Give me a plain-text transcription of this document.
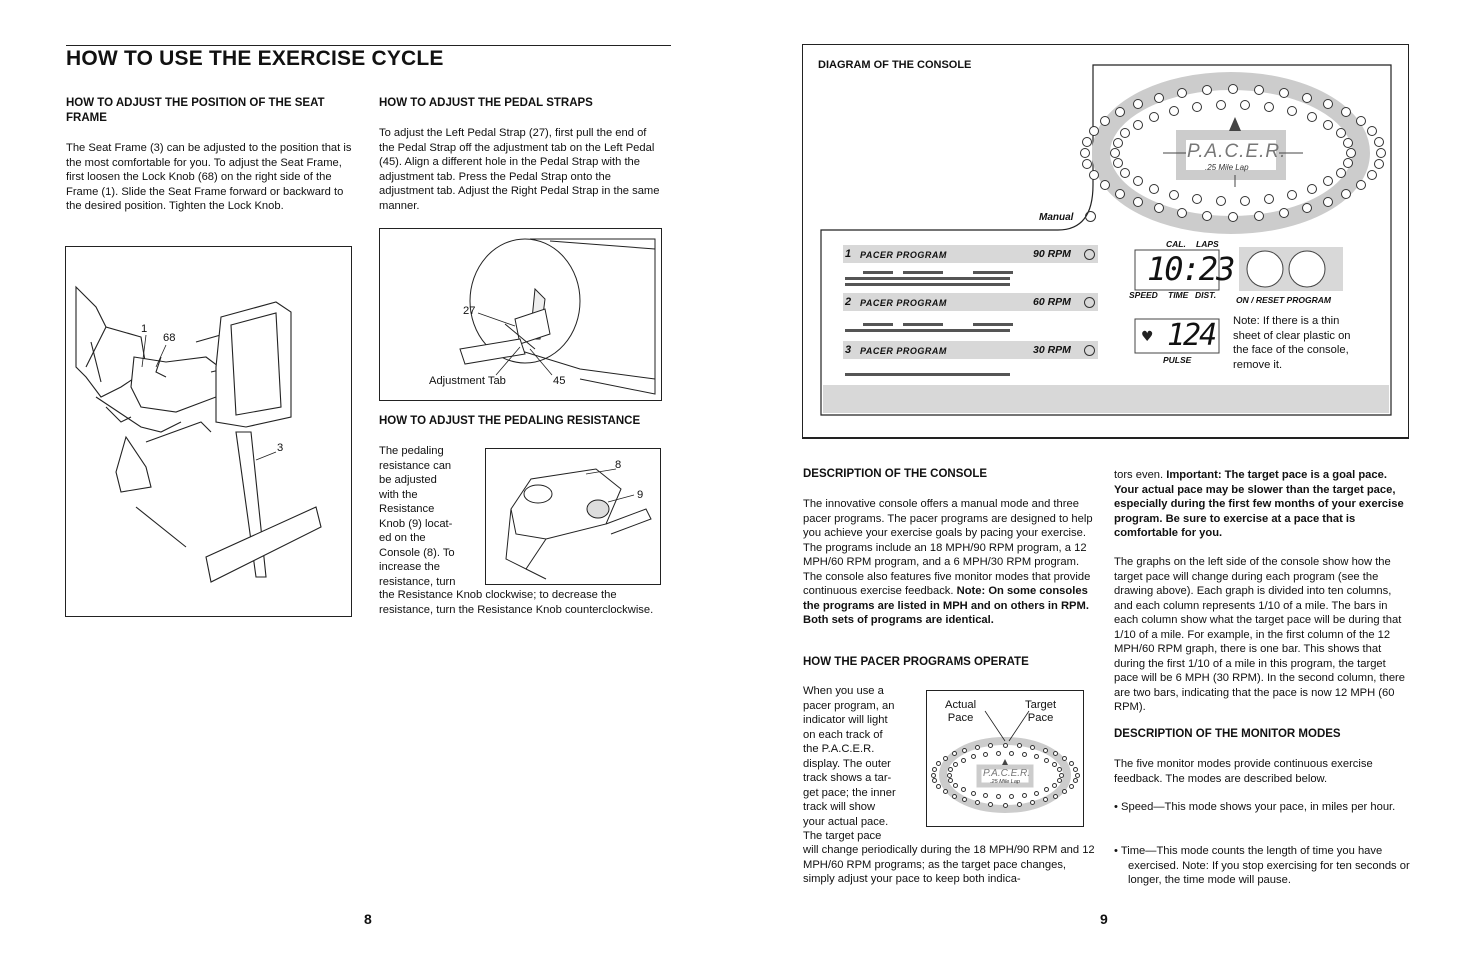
HOW TO USE THE EXERCISE CYCLE
HOW TO ADJUST THE POSITION OF THE SEAT FRAME
The Seat Frame (3) can be adjusted to the position that is the most comfortable for you. To adjust the Seat Frame, first loosen the Lock Knob (68) on the right side of the Frame (1). Slide the Seat Frame forward or backward to the desired position. Tighten the Lock Knob.
1
68
3
HOW TO ADJUST THE PEDAL STRAPS
To adjust the Left Pedal Strap (27), first pull the end of the Pedal Strap off the adjustment tab on the Left Pedal (45). Align a different hole in the Pedal Strap with the adjustment tab. Press the Pedal Strap onto the adjustment tab. Adjust the Right Pedal Strap in the same manner.
27
Adjustment Tab	45
HOW TO ADJUST THE PEDALING RESISTANCE
The pedaling
resistance can
be adjusted
with the
Resistance
Knob (9) locat-
ed on the
Console (8). To
increase the
resistance, turn
the Resistance Knob clockwise; to decrease the resistance, turn the Resistance Knob counterclockwise.
8
9
8
♥
DIAGRAM OF THE CONSOLE
Manual
1 PACER PROGRAM	90 RPM
2 PACER PROGRAM	60 RPM
3 PACER PROGRAM	30 RPM
P.A.C.E.R.
.25 Mile Lap
CAL. LAPS
10:23
SPEED TIME DIST.
124
PULSE
ON / RESET PROGRAM
Note: If there is a thin sheet of clear plastic on the face of the console, remove it.
DESCRIPTION OF THE CONSOLE
The innovative console offers a manual mode and three pacer programs. The pacer programs are designed to help you achieve your exercise goals by pacing your exercise. The programs include an 18 MPH/90 RPM program, a 12 MPH/60 RPM program, and a 6 MPH/30 RPM program. The console also features five monitor modes that provide continuous exercise feedback. Note: On some consoles the programs are listed in MPH and on others in RPM. Both sets of programs are identical.
HOW THE PACER PROGRAMS OPERATE
When you use a
pacer program, an
indicator will light
on each track of
the P.A.C.E.R.
display. The outer
track shows a tar-
get pace; the inner
track will show
your actual pace.
The target pace
will change periodically during the 18 MPH/90 RPM and 12 MPH/60 RPM programs; as the target pace changes, simply adjust your pace to keep both indica-
Actual
Pace
Target
Pace
P.A.C.E.R.
.25 Mile Lap
tors even. Important: The target pace is a goal pace. Your actual pace may be slower than the target pace, especially during the first few months of your exercise program. Be sure to exercise at a pace that is comfortable for you.
The graphs on the left side of the console show how the target pace will change during each program (see the drawing above). Each graph is divided into ten columns, and each column represents 1/10 of a mile. The bars in each column show what the target pace will be during that 1/10 of a mile. For example, in the first column of the 12 MPH/60 RPM graph, there is one bar. This shows that during the first 1/10 of a mile in this program, the target pace will be 6 MPH (30 RPM). In the second column, there are two bars, indicating that the pace is now 12 MPH (60 RPM).
DESCRIPTION OF THE MONITOR MODES
The five monitor modes provide continuous exercise feedback. The modes are described below.
• Speed—This mode shows your pace, in miles per hour.
• Time—This mode counts the length of time you have exercised. Note: If you stop exercising for ten seconds or longer, the time mode will pause.
9
